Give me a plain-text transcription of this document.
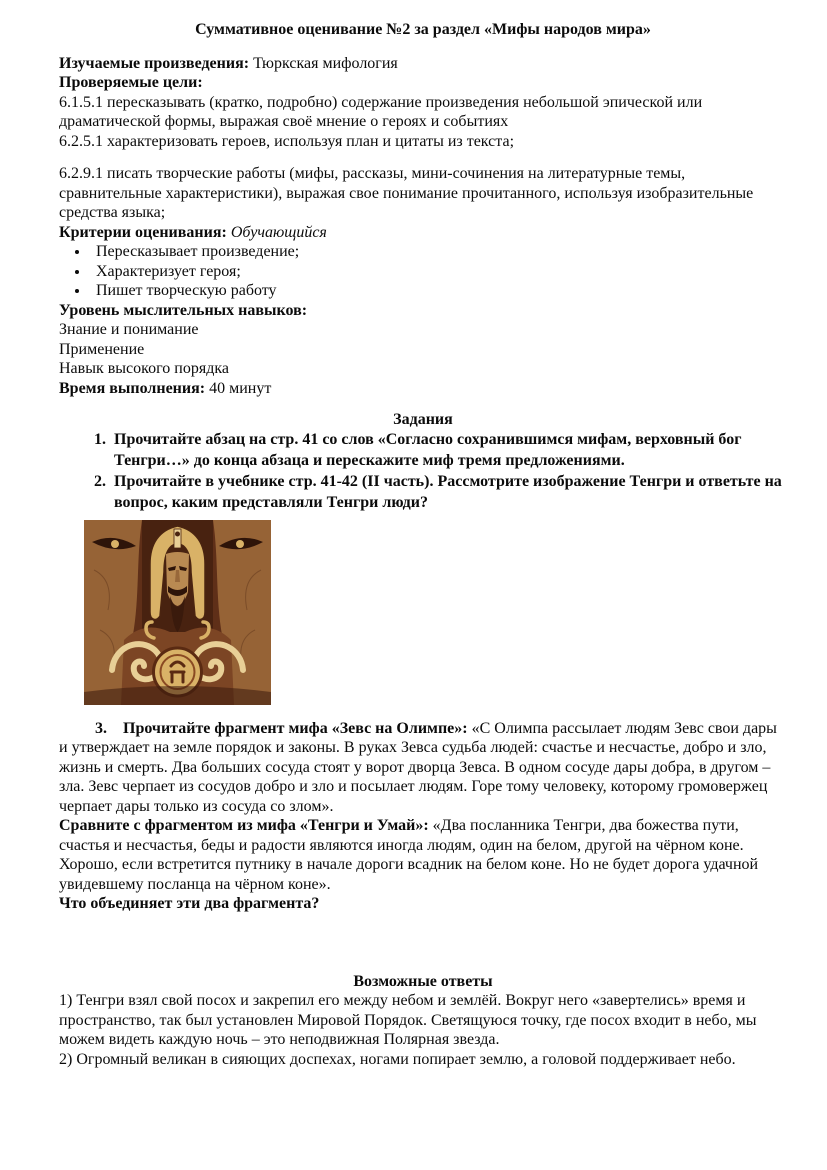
Суммативное оценивание №2 за раздел «Мифы народов мира»

Изучаемые произведения: Тюркская мифология

Проверяемые цели:

6.1.5.1 пересказывать (кратко, подробно) содержание произведения небольшой эпической или драматической формы, выражая своё мнение о героях и событиях

6.2.5.1 характеризовать героев, используя план и цитаты из текста;

6.2.9.1 писать творческие работы (мифы, рассказы, мини-сочинения на литературные темы, сравнительные характеристики), выражая свое понимание прочитанного, используя изобразительные средства языка;

Критерии оценивания: Обучающийся

• Пересказывает произведение;
• Характеризует героя;
• Пишет творческую работу

Уровень мыслительных навыков:

Знание и понимание

Применение

Навык высокого порядка

Время выполнения: 40 минут

Задания

1. Прочитайте абзац на стр. 41 со слов «Согласно сохранившимся мифам, верховный бог Тенгри…» до конца абзаца и перескажите миф тремя предложениями.
2. Прочитайте в учебнике стр. 41-42 (II часть). Рассмотрите изображение Тенгри и ответьте на вопрос, каким представляли Тенгри люди?

3. Прочитайте фрагмент мифа «Зевс на Олимпе»: «С Олимпа рассылает людям Зевс свои дары и утверждает на земле порядок и законы. В руках Зевса судьба людей: счастье и несчастье, добро и зло, жизнь и смерть. Два больших сосуда стоят у ворот дворца Зевса. В одном сосуде дары добра, в другом – зла. Зевс черпает из сосудов добро и зло и посылает людям. Горе тому человеку, которому громовержец черпает дары только из сосуда со злом».

Сравните с фрагментом из мифа «Тенгри и Умай»: «Два посланника Тенгри, два божества пути, счастья и несчастья, беды и радости являются иногда людям, один на белом, другой на чёрном коне. Хорошо, если встретится путнику в начале дороги всадник на белом коне. Но не будет дорога удачной увидевшему посланца на чёрном коне».

Что объединяет эти два фрагмента?

Возможные ответы

1) Тенгри взял свой посох и закрепил его между небом и землёй. Вокруг него «завертелись» время и пространство, так был установлен Мировой Порядок. Светящуюся точку, где посох входит в небо, мы можем видеть каждую ночь – это неподвижная Полярная звезда.

2) Огромный великан в сияющих доспехах, ногами попирает землю, а головой поддерживает небо.
